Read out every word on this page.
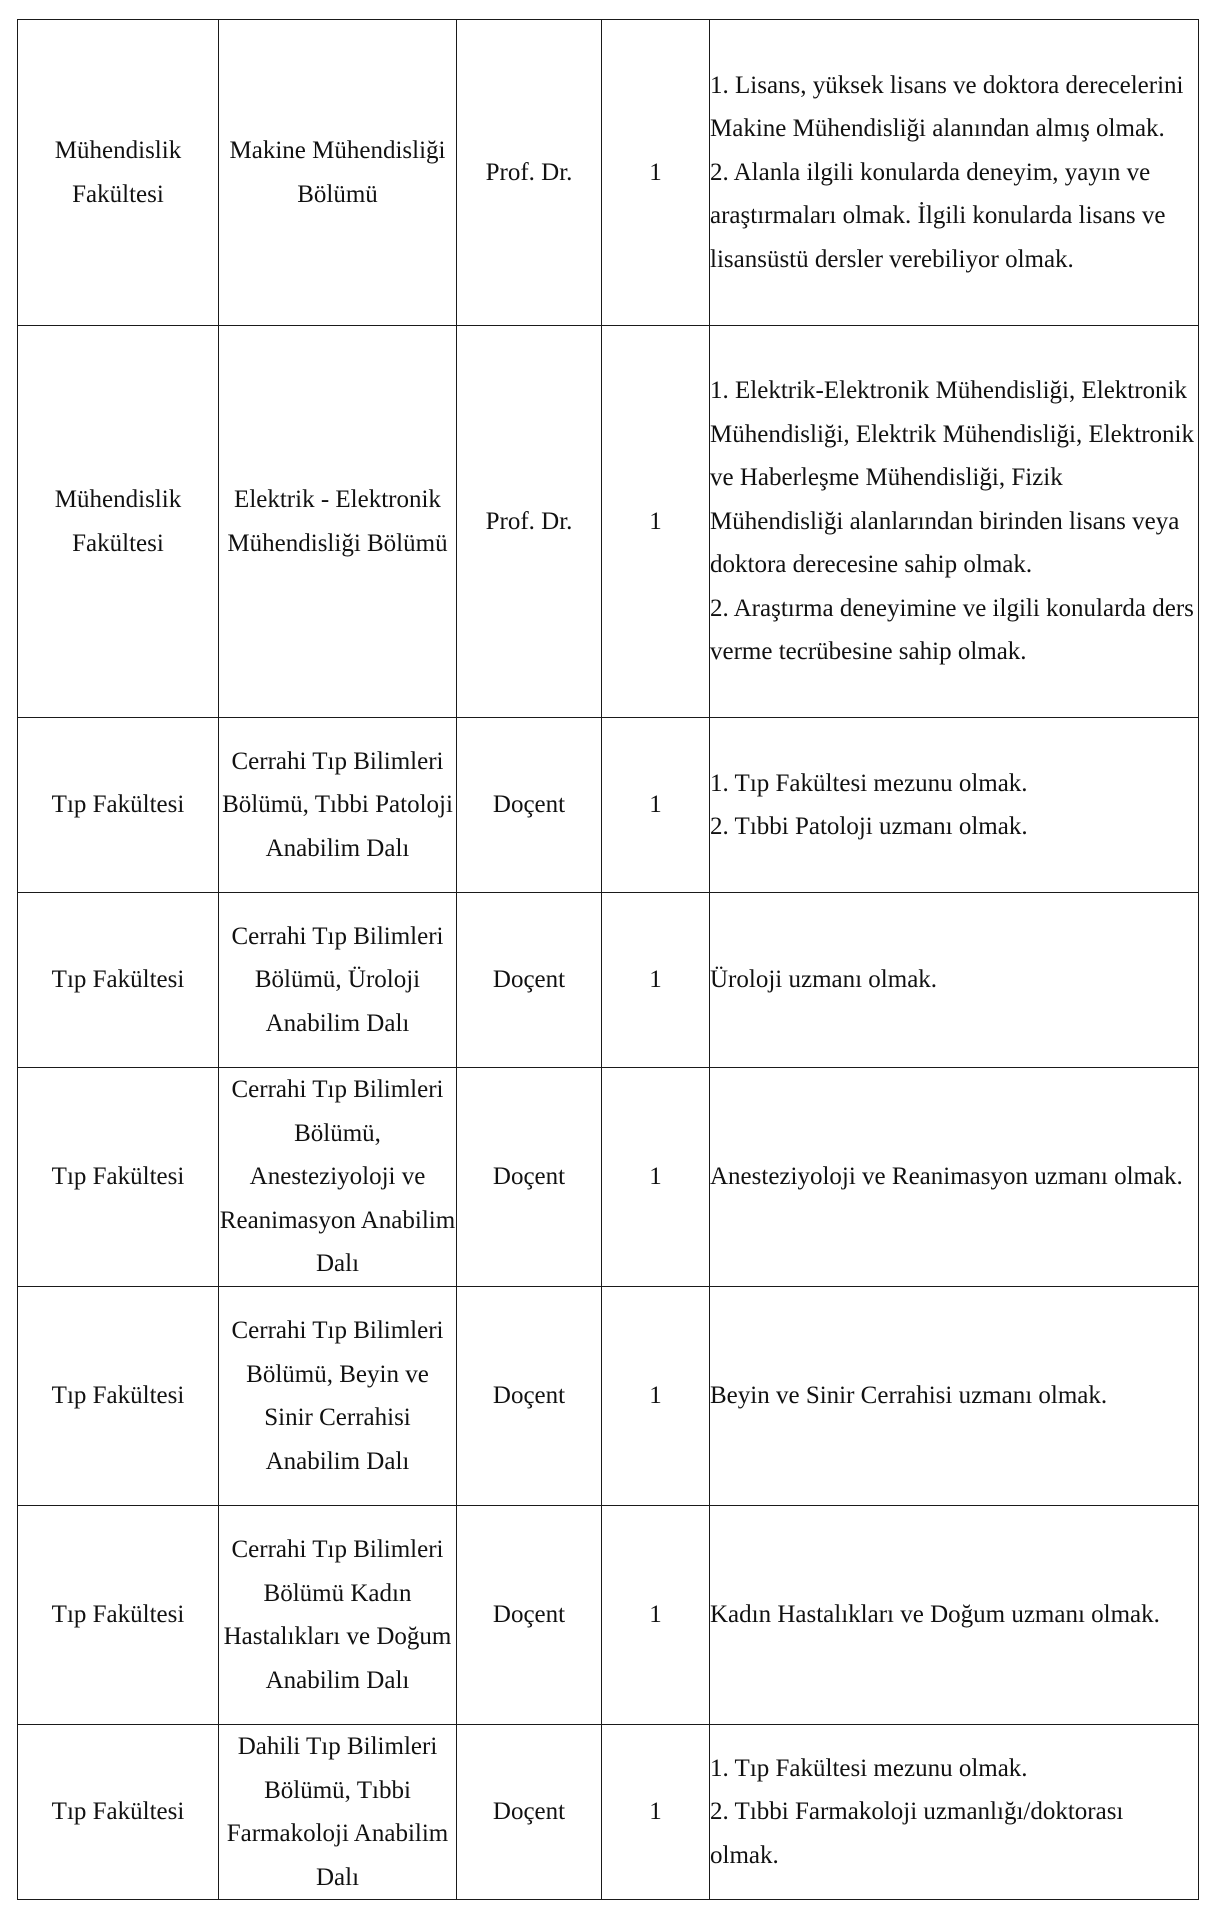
Mühendislik Fakültesi	Makine Mühendisliği Bölümü	Prof. Dr.	1	1. Lisans, yüksek lisans ve doktora derecelerini Makine Mühendisliği alanından almış olmak.
2. Alanla ilgili konularda deneyim, yayın ve araştırmaları olmak. İlgili konularda lisans ve lisansüstü dersler verebiliyor olmak.
Mühendislik Fakültesi	Elektrik - Elektronik Mühendisliği Bölümü	Prof. Dr.	1	1. Elektrik-Elektronik Mühendisliği, Elektronik Mühendisliği, Elektrik Mühendisliği, Elektronik ve Haberleşme Mühendisliği, Fizik Mühendisliği alanlarından birinden lisans veya doktora derecesine sahip olmak.
2. Araştırma deneyimine ve ilgili konularda ders verme tecrübesine sahip olmak.
Tıp Fakültesi	Cerrahi Tıp Bilimleri Bölümü, Tıbbi Patoloji Anabilim Dalı	Doçent	1	1. Tıp Fakültesi mezunu olmak.
2. Tıbbi Patoloji uzmanı olmak.
Tıp Fakültesi	Cerrahi Tıp Bilimleri Bölümü, Üroloji Anabilim Dalı	Doçent	1	Üroloji uzmanı olmak.
Tıp Fakültesi	Cerrahi Tıp Bilimleri Bölümü, Anesteziyoloji ve Reanimasyon Anabilim Dalı	Doçent	1	Anesteziyoloji ve Reanimasyon uzmanı olmak.
Tıp Fakültesi	Cerrahi Tıp Bilimleri Bölümü, Beyin ve Sinir Cerrahisi Anabilim Dalı	Doçent	1	Beyin ve Sinir Cerrahisi uzmanı olmak.
Tıp Fakültesi	Cerrahi Tıp Bilimleri Bölümü Kadın Hastalıkları ve Doğum Anabilim Dalı	Doçent	1	Kadın Hastalıkları ve Doğum uzmanı olmak.
Tıp Fakültesi	Dahili Tıp Bilimleri Bölümü, Tıbbi Farmakoloji Anabilim Dalı	Doçent	1	1. Tıp Fakültesi mezunu olmak.
2. Tıbbi Farmakoloji uzmanlığı/doktorası olmak.
